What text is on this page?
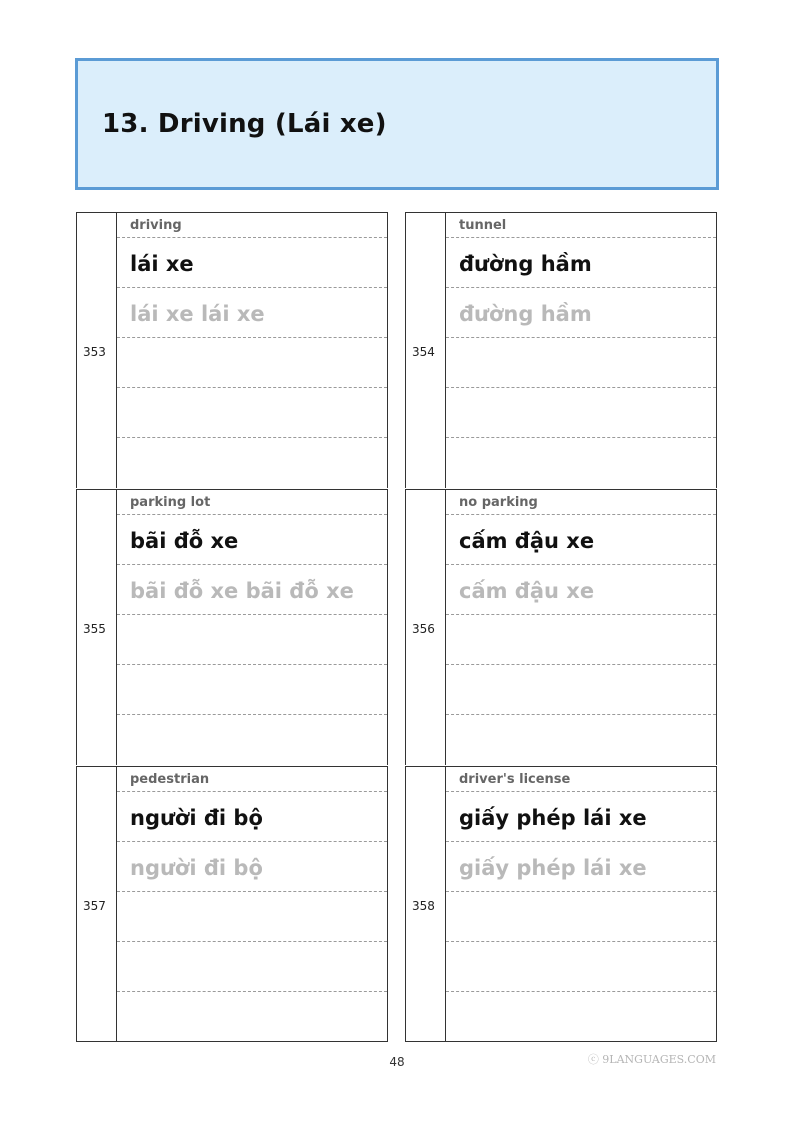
13. Driving (Lái xe)
353
driving
lái xe
lái xe lái xe
354
tunnel
đường hầm
đường hầm
355
parking lot
bãi đỗ xe
bãi đỗ xe bãi đỗ xe
356
no parking
cấm đậu xe
cấm đậu xe
357
pedestrian
người đi bộ
người đi bộ
358
driver's license
giấy phép lái xe
giấy phép lái xe
48	ⓒ 9LANGUAGES.COM
